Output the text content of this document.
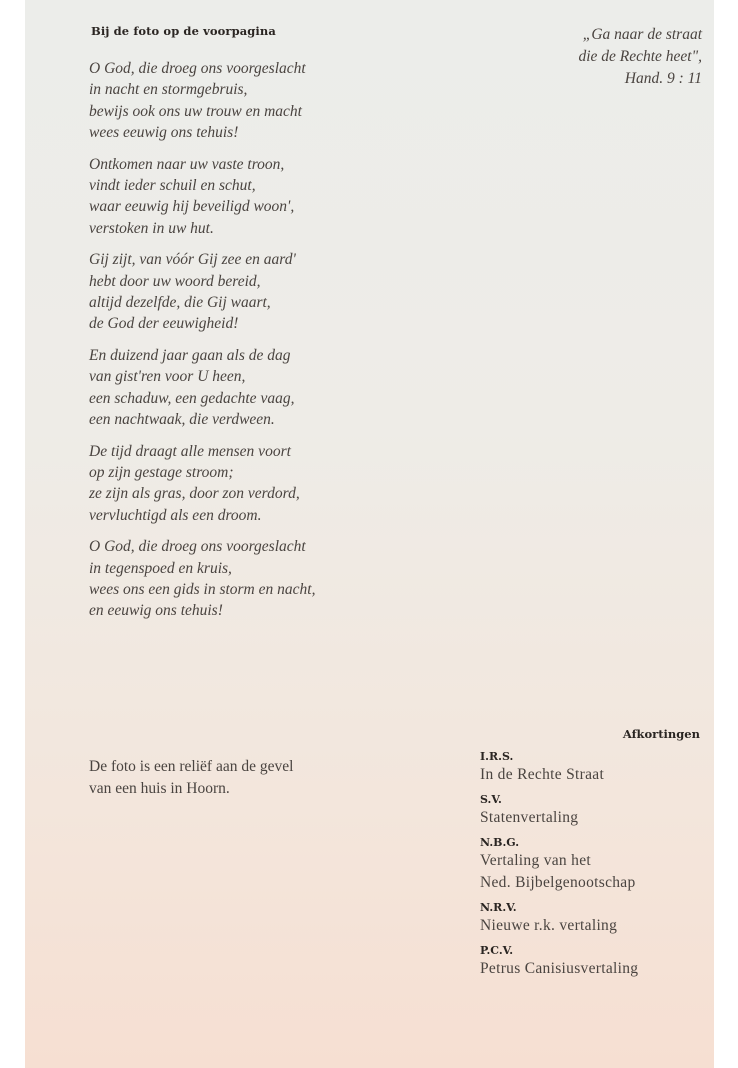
Bij de foto op de voorpagina
O God, die droeg ons voorgeslacht
in nacht en stormgebruis,
bewijs ook ons uw trouw en macht
wees eeuwig ons tehuis!
Ontkomen naar uw vaste troon,
vindt ieder schuil en schut,
waar eeuwig hij beveiligd woon',
verstoken in uw hut.
Gij zijt, van vóór Gij zee en aard'
hebt door uw woord bereid,
altijd dezelfde, die Gij waart,
de God der eeuwigheid!
En duizend jaar gaan als de dag
van gist'ren voor U heen,
een schaduw, een gedachte vaag,
een nachtwaak, die verdween.
De tijd draagt alle mensen voort
op zijn gestage stroom;
ze zijn als gras, door zon verdord,
vervluchtigd als een droom.
O God, die droeg ons voorgeslacht
in tegenspoed en kruis,
wees ons een gids in storm en nacht,
en eeuwig ons tehuis!
„Ga naar de straat
die de Rechte heet",
Hand. 9 : 11
De foto is een reliëf aan de gevel
van een huis in Hoorn.
Afkortingen
I.R.S.
In de Rechte Straat
S.V.
Statenvertaling
N.B.G.
Vertaling van het
Ned. Bijbelgenootschap
N.R.V.
Nieuwe r.k. vertaling
P.C.V.
Petrus Canisiusvertaling
